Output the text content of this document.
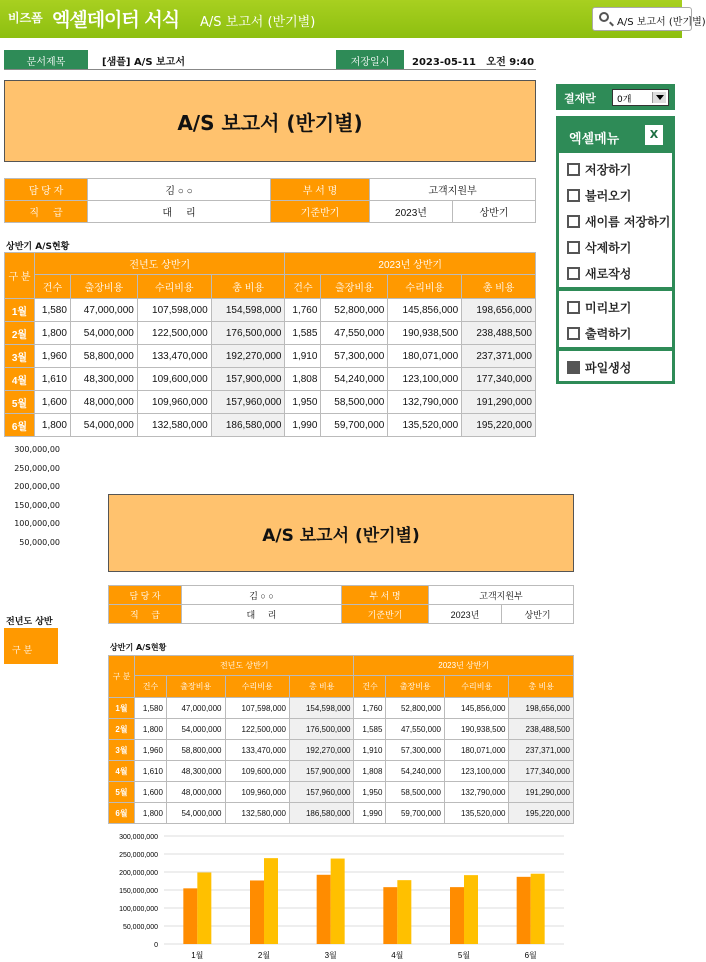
비즈폼 엑셀데이터 서식 A/S 보고서 (반기별)	A/S 보고서 (반기별)
문서제목	[샘플] A/S 보고서	저장일시	2023-05-11   오전 9:40
A/S 보고서 (반기별)
담 당 자	김 ○ ○	부 서 명	고객지원부	
직     급	대     리	기준반기	2023년	상반기
상반기 A/S현황
구 분	전년도 상반기				2023년 상반기			
	건수	출장비용	수리비용	총 비용	건수	출장비용	수리비용	총 비용
1월	1,580	47,000,000	107,598,000	154,598,000	1,760	52,800,000	145,856,000	198,656,000
2월	1,800	54,000,000	122,500,000	176,500,000	1,585	47,550,000	190,938,500	238,488,500
3월	1,960	58,800,000	133,470,000	192,270,000	1,910	57,300,000	180,071,000	237,371,000
4월	1,610	48,300,000	109,600,000	157,900,000	1,808	54,240,000	123,100,000	177,340,000
5월	1,600	48,000,000	109,960,000	157,960,000	1,950	58,500,000	132,790,000	191,290,000
6월	1,800	54,000,000	132,580,000	186,580,000	1,990	59,700,000	135,520,000	195,220,000
300,000,00
250,000,00
200,000,00
150,000,00
100,000,00
50,000,00
전년도 상반
구 분
A/S 보고서 (반기별)
담 당 자	김 ○ ○	부 서 명	고객지원부	
직     급	대     리	기준반기	2023년	상반기
상반기 A/S현황
구 분	전년도 상반기				2023년 상반기			
	건수	출장비용	수리비용	총 비용	건수	출장비용	수리비용	총 비용
1월	1,580	47,000,000	107,598,000	154,598,000	1,760	52,800,000	145,856,000	198,656,000
2월	1,800	54,000,000	122,500,000	176,500,000	1,585	47,550,000	190,938,500	238,488,500
3월	1,960	58,800,000	133,470,000	192,270,000	1,910	57,300,000	180,071,000	237,371,000
4월	1,610	48,300,000	109,600,000	157,900,000	1,808	54,240,000	123,100,000	177,340,000
5월	1,600	48,000,000	109,960,000	157,960,000	1,950	58,500,000	132,790,000	191,290,000
6월	1,800	54,000,000	132,580,000	186,580,000	1,990	59,700,000	135,520,000	195,220,000
300,000,000
250,000,000
200,000,000
150,000,000
100,000,000
50,000,000
0
1월	2월	3월	4월	5월	6월
결재란	0개
엑셀메뉴	X
저장하기
불러오기
새이름 저장하기
삭제하기
새로작성
미리보기
출력하기
파일생성
